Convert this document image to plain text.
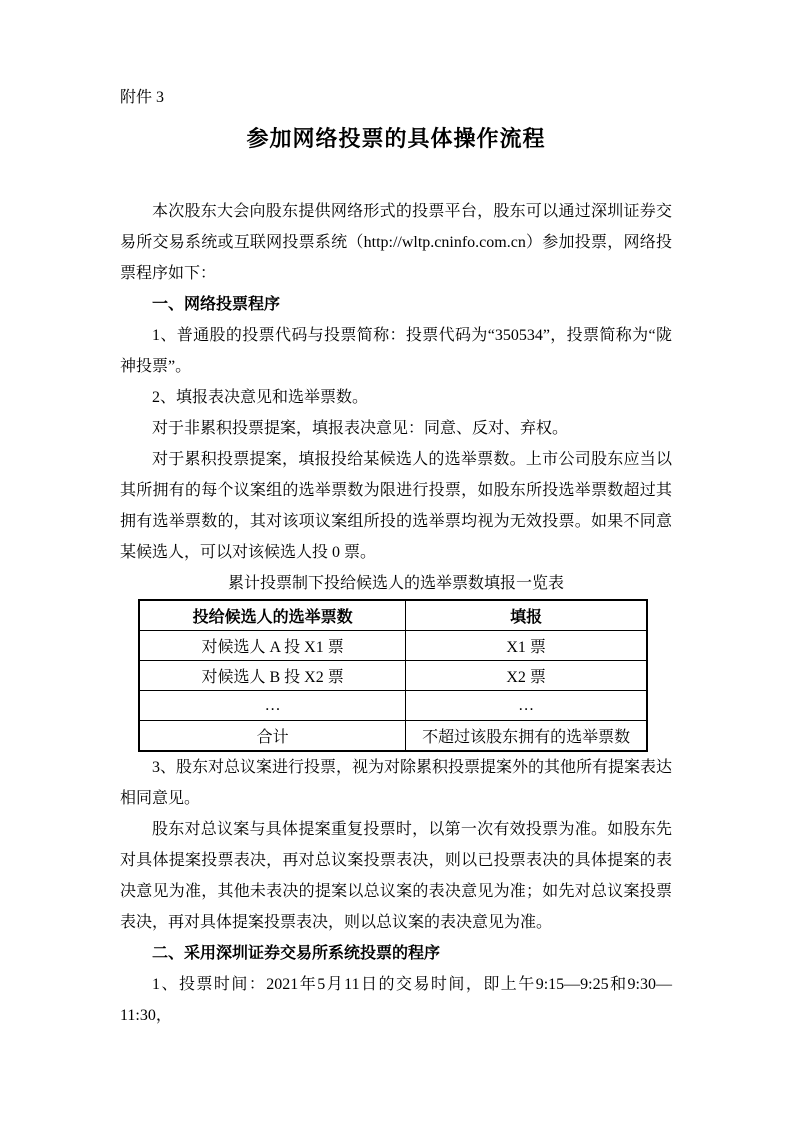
附件 3

参加网络投票的具体操作流程

本次股东大会向股东提供网络形式的投票平台，股东可以通过深圳证券交易所交易系统或互联网投票系统（http://wltp.cninfo.com.cn）参加投票，网络投票程序如下：

一、网络投票程序

1、普通股的投票代码与投票简称：投票代码为“350534”，投票简称为“陇神投票”。

2、填报表决意见和选举票数。

对于非累积投票提案，填报表决意见：同意、反对、弃权。

对于累积投票提案，填报投给某候选人的选举票数。上市公司股东应当以其所拥有的每个议案组的选举票数为限进行投票，如股东所投选举票数超过其拥有选举票数的，其对该项议案组所投的选举票均视为无效投票。如果不同意某候选人，可以对该候选人投 0 票。

累计投票制下投给候选人的选举票数填报一览表

投给候选人的选举票数	填报
对候选人 A 投 X1 票	X1 票
对候选人 B 投 X2 票	X2 票
…	…
合计	不超过该股东拥有的选举票数

3、股东对总议案进行投票，视为对除累积投票提案外的其他所有提案表达相同意见。

股东对总议案与具体提案重复投票时，以第一次有效投票为准。如股东先对具体提案投票表决，再对总议案投票表决，则以已投票表决的具体提案的表决意见为准，其他未表决的提案以总议案的表决意见为准；如先对总议案投票表决，再对具体提案投票表决，则以总议案的表决意见为准。

二、采用深圳证券交易所系统投票的程序

1、投票时间：2021年5月11日的交易时间，即上午9:15—9:25和9:30—11:30，
